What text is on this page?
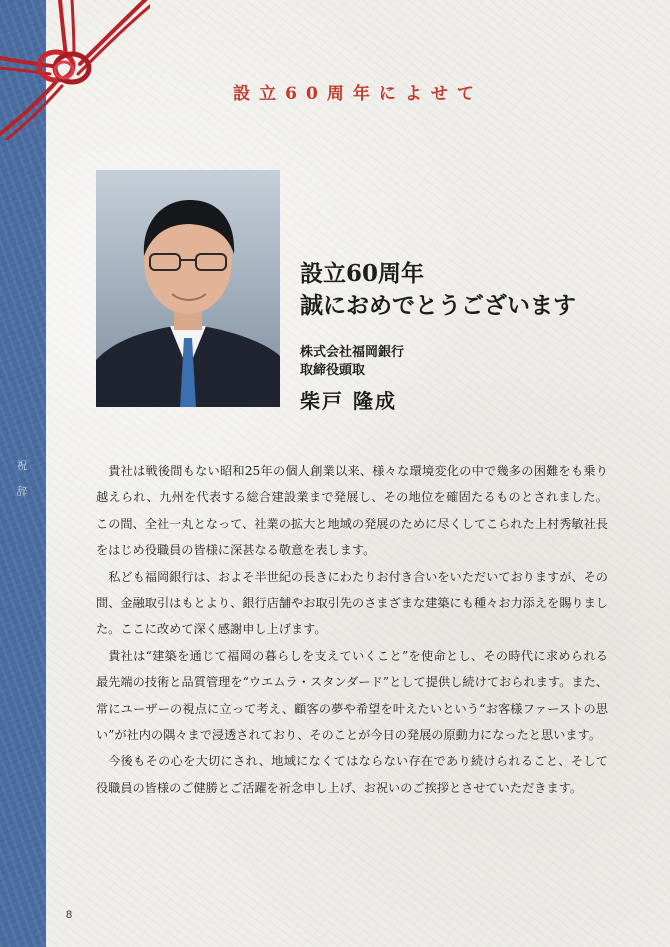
祝辞
設立60周年によせて
設立60周年
誠におめでとうございます
株式会社福岡銀行
取締役頭取
柴戸 隆成

貴社は戦後間もない昭和25年の個人創業以来、様々な環境変化の中で幾多の困難をも乗り越えられ、九州を代表する総合建設業まで発展し、その地位を確固たるものとされました。この間、全社一丸となって、社業の拡大と地域の発展のために尽くしてこられた上村秀敏社長をはじめ役職員の皆様に深甚なる敬意を表します。

私ども福岡銀行は、およそ半世紀の長きにわたりお付き合いをいただいておりますが、その間、金融取引はもとより、銀行店舗やお取引先のさまざまな建築にも種々お力添えを賜りました。ここに改めて深く感謝申し上げます。

貴社は“建築を通じて福岡の暮らしを支えていくこと”を使命とし、その時代に求められる最先端の技術と品質管理を“ウエムラ・スタンダード”として提供し続けておられます。また、常にユーザーの視点に立って考え、顧客の夢や希望を叶えたいという“お客様ファーストの思い”が社内の隅々まで浸透されており、そのことが今日の発展の原動力になったと思います。

今後もその心を大切にされ、地域になくてはならない存在であり続けられること、そして役職員の皆様のご健勝とご活躍を祈念申し上げ、お祝いのご挨拶とさせていただきます。

8
